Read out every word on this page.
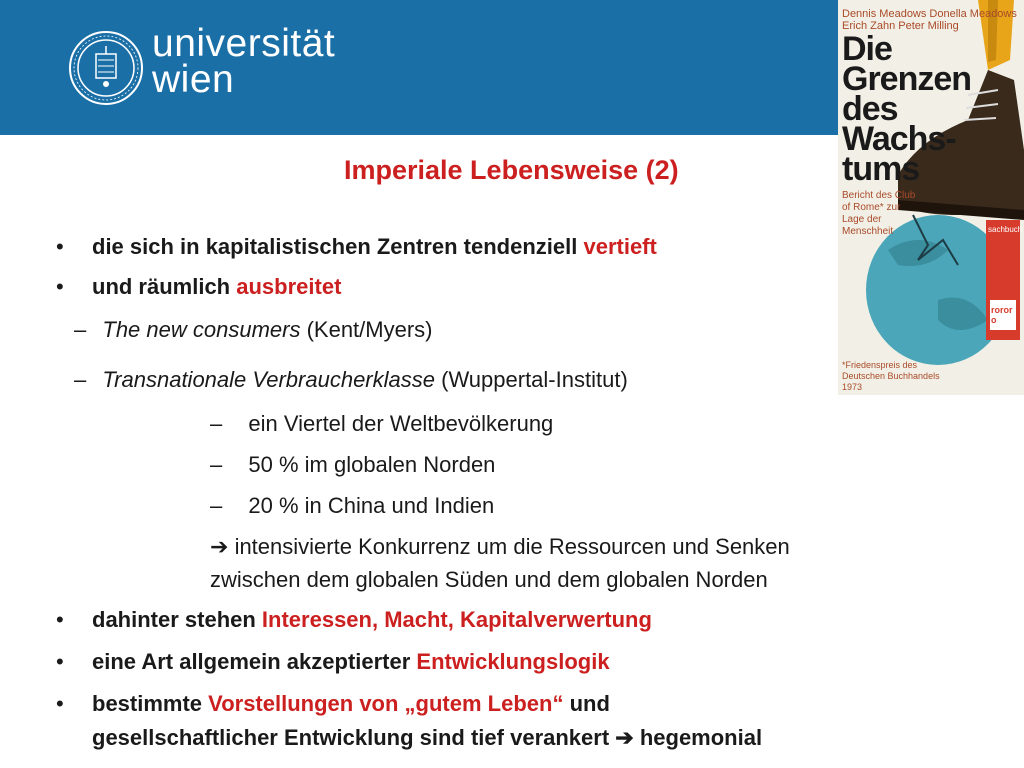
universität
wien
Dennis Meadows Donella Meadows Erich Zahn Peter Milling
Die
Grenzen
des
Wachs-
tums
Bericht des Club of Rome* zur Lage der Menschheit	sachbuch
rororo
*Friedenspreis des Deutschen Buchhandels 1973
Imperiale Lebensweise (2)
• die sich in kapitalistischen Zentren tendenziell vertieft
• und räumlich ausbreitet
– The new consumers (Kent/Myers)
– Transnationale Verbraucherklasse (Wuppertal-Institut)
– ein Viertel der Weltbevölkerung
– 50 % im globalen Norden
– 20 % in China und Indien
➔ intensivierte Konkurrenz um die Ressourcen und Senken
zwischen dem globalen Süden und dem globalen Norden
• dahinter stehen Interessen, Macht, Kapitalverwertung
• eine Art allgemein akzeptierter Entwicklungslogik
• bestimmte Vorstellungen von „gutem Leben“ und
gesellschaftlicher Entwicklung sind tief verankert ➔ hegemonial
